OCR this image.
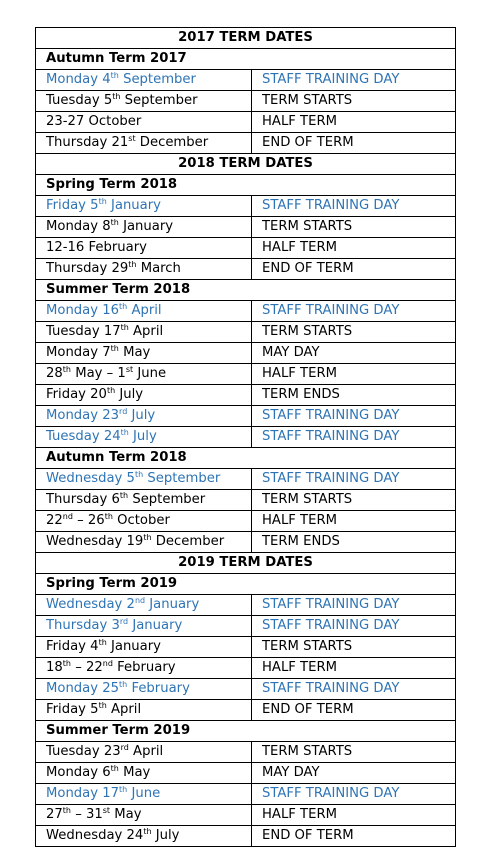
2017 TERM DATES	
Autumn Term 2017	
Monday 4th September	STAFF TRAINING DAY
Tuesday 5th September	TERM STARTS
23-27 October	HALF TERM
Thursday 21st December	END OF TERM
2018 TERM DATES	
Spring Term 2018	
Friday 5th January	STAFF TRAINING DAY
Monday 8th January	TERM STARTS
12-16 February	HALF TERM
Thursday 29th March	END OF TERM
Summer Term 2018	
Monday 16th April	STAFF TRAINING DAY
Tuesday 17th April	TERM STARTS
Monday 7th May	MAY DAY
28th May – 1st June	HALF TERM
Friday 20th July	TERM ENDS
Monday 23rd July	STAFF TRAINING DAY
Tuesday 24th July	STAFF TRAINING DAY
Autumn Term 2018	
Wednesday 5th September	STAFF TRAINING DAY
Thursday 6th September	TERM STARTS
22nd – 26th October	HALF TERM
Wednesday 19th December	TERM ENDS
2019 TERM DATES	
Spring Term 2019	
Wednesday 2nd January	STAFF TRAINING DAY
Thursday 3rd January	STAFF TRAINING DAY
Friday 4th January	TERM STARTS
18th – 22nd February	HALF TERM
Monday 25th February	STAFF TRAINING DAY
Friday 5th April	END OF TERM
Summer Term 2019	
Tuesday 23rd April	TERM STARTS
Monday 6th May	MAY DAY
Monday 17th June	STAFF TRAINING DAY
27th – 31st May	HALF TERM
Wednesday 24th July	END OF TERM
